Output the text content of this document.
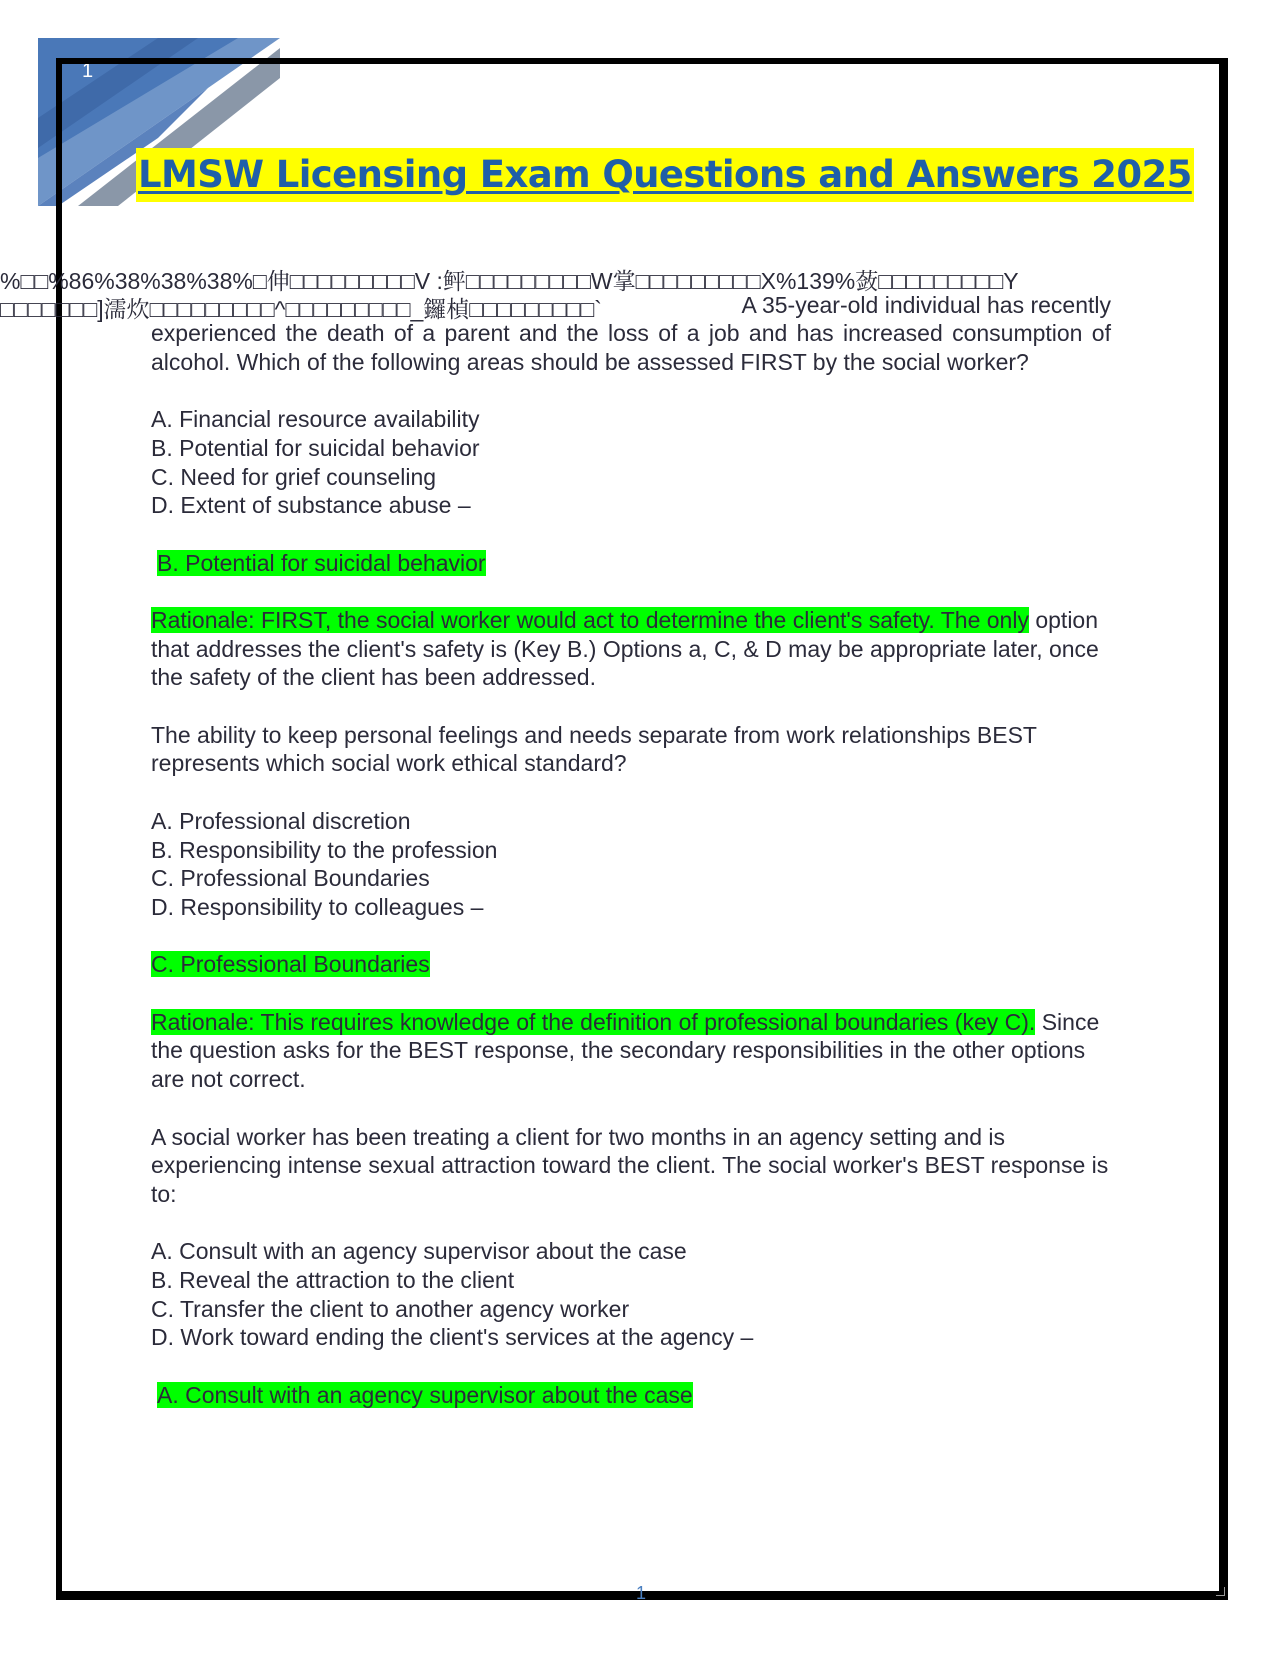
1
LMSW Licensing Exam Questions and Answers 2025
%□□%86%38%38%38%□伸□□□□□□□□□V :鲆□□□□□□□□□W掌□□□□□□□□□X%139%蔹□□□□□□□□□Y
□□□□□□□]濡炊□□□□□□□□□^□□□□□□□□□_鑼楨□□□□□□□□□`	A 35-year-old individual has recently

experienced the death of a parent and the loss of a job and has increased consumption of alcohol. Which of the following areas should be assessed FIRST by the social worker?

A. Financial resource availability

B. Potential for suicidal behavior

C. Need for grief counseling

D. Extent of substance abuse –

B. Potential for suicidal behavior

Rationale: FIRST, the social worker would act to determine the client's safety. The only option that addresses the client's safety is (Key B.) Options a, C, & D may be appropriate later, once the safety of the client has been addressed.

The ability to keep personal feelings and needs separate from work relationships BEST represents which social work ethical standard?

A. Professional discretion

B. Responsibility to the profession

C. Professional Boundaries

D. Responsibility to colleagues –

C. Professional Boundaries

Rationale: This requires knowledge of the definition of professional boundaries (key C). Since the question asks for the BEST response, the secondary responsibilities in the other options are not correct.

A social worker has been treating a client for two months in an agency setting and is experiencing intense sexual attraction toward the client. The social worker's BEST response is to:

A. Consult with an agency supervisor about the case

B. Reveal the attraction to the client

C. Transfer the client to another agency worker

D. Work toward ending the client's services at the agency –

A. Consult with an agency supervisor about the case

1
